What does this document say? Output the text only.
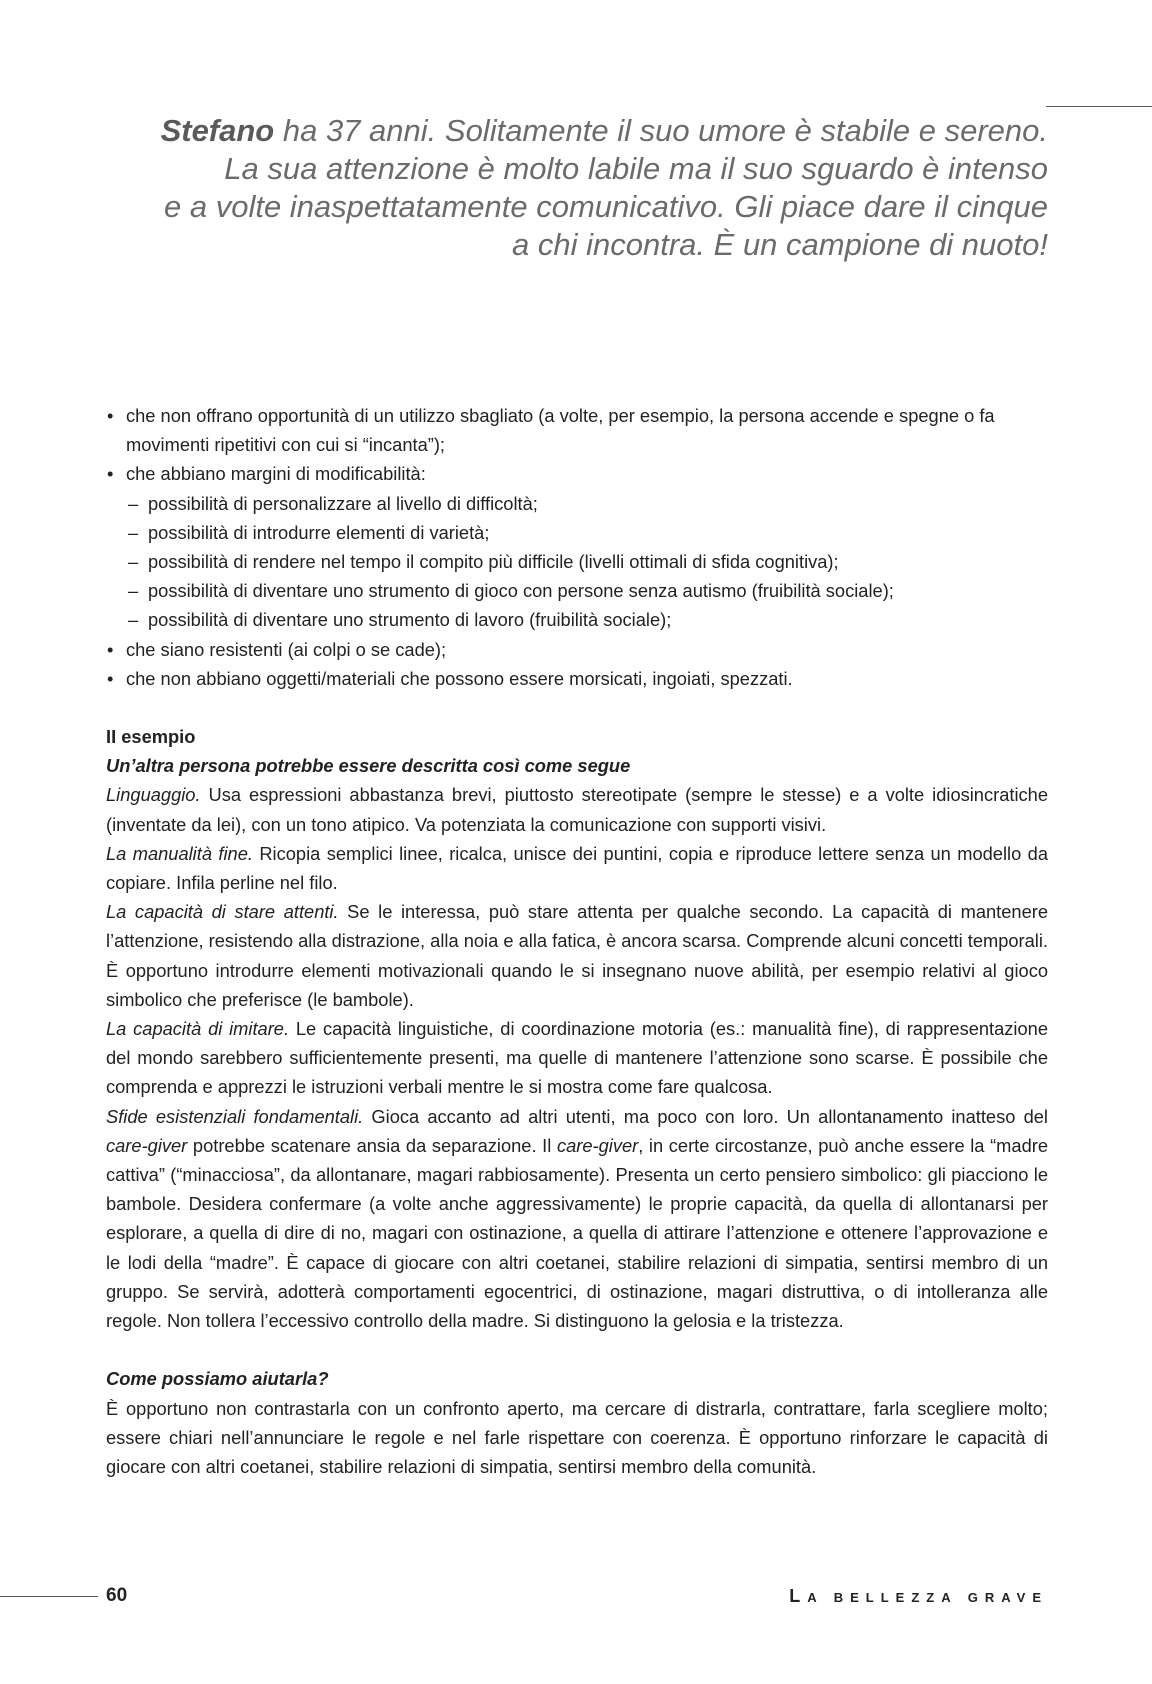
Stefano ha 37 anni. Solitamente il suo umore è stabile e sereno.
La sua attenzione è molto labile ma il suo sguardo è intenso
e a volte inaspettatamente comunicativo. Gli piace dare il cinque
a chi incontra. È un campione di nuoto!
• che non offrano opportunità di un utilizzo sbagliato (a volte, per esempio, la persona accende e spegne o fa movimenti ripetitivi con cui si “incanta”);
• che abbiano margini di modificabilità:
– possibilità di personalizzare al livello di difficoltà;
– possibilità di introdurre elementi di varietà;
– possibilità di rendere nel tempo il compito più difficile (livelli ottimali di sfida cognitiva);
– possibilità di diventare uno strumento di gioco con persone senza autismo (fruibilità sociale);
– possibilità di diventare uno strumento di lavoro (fruibilità sociale);
• che siano resistenti (ai colpi o se cade);
• che non abbiano oggetti/materiali che possono essere morsicati, ingoiati, spezzati.
II esempio
Un’altra persona potrebbe essere descritta così come segue
Linguaggio. Usa espressioni abbastanza brevi, piuttosto stereotipate (sempre le stesse) e a volte idiosincratiche (inventate da lei), con un tono atipico. Va potenziata la comunicazione con supporti visivi.
La manualità fine. Ricopia semplici linee, ricalca, unisce dei puntini, copia e riproduce lettere senza un modello da copiare. Infila perline nel filo.
La capacità di stare attenti. Se le interessa, può stare attenta per qualche secondo. La capacità di mantenere l’attenzione, resistendo alla distrazione, alla noia e alla fatica, è ancora scarsa. Comprende alcuni concetti temporali. È opportuno introdurre elementi motivazionali quando le si insegnano nuove abilità, per esempio relativi al gioco simbolico che preferisce (le bambole).
La capacità di imitare. Le capacità linguistiche, di coordinazione motoria (es.: manualità fine), di rappresentazione del mondo sarebbero sufficientemente presenti, ma quelle di mantenere l’attenzione sono scarse. È possibile che comprenda e apprezzi le istruzioni verbali mentre le si mostra come fare qualcosa.
Sfide esistenziali fondamentali. Gioca accanto ad altri utenti, ma poco con loro. Un allontanamento inatteso del care-giver potrebbe scatenare ansia da separazione. Il care-giver, in certe circostanze, può anche essere la “madre cattiva” (“minacciosa”, da allontanare, magari rabbiosamente). Presenta un certo pensiero simbolico: gli piacciono le bambole. Desidera confermare (a volte anche aggressivamente) le proprie capacità, da quella di allontanarsi per esplorare, a quella di dire di no, magari con ostinazione, a quella di attirare l’attenzione e ottenere l’approvazione e le lodi della “madre”. È capace di giocare con altri coetanei, stabilire relazioni di simpatia, sentirsi membro di un gruppo. Se servirà, adotterà comportamenti egocentrici, di ostinazione, magari distruttiva, o di intolleranza alle regole. Non tollera l’eccessivo controllo della madre. Si distinguono la gelosia e la tristezza.
Come possiamo aiutarla?
È opportuno non contrastarla con un confronto aperto, ma cercare di distrarla, contrattare, farla scegliere molto; essere chiari nell’annunciare le regole e nel farle rispettare con coerenza. È opportuno rinforzare le capacità di giocare con altri coetanei, stabilire relazioni di simpatia, sentirsi membro della comunità.
60	LA BELLEZZA GRAVE
